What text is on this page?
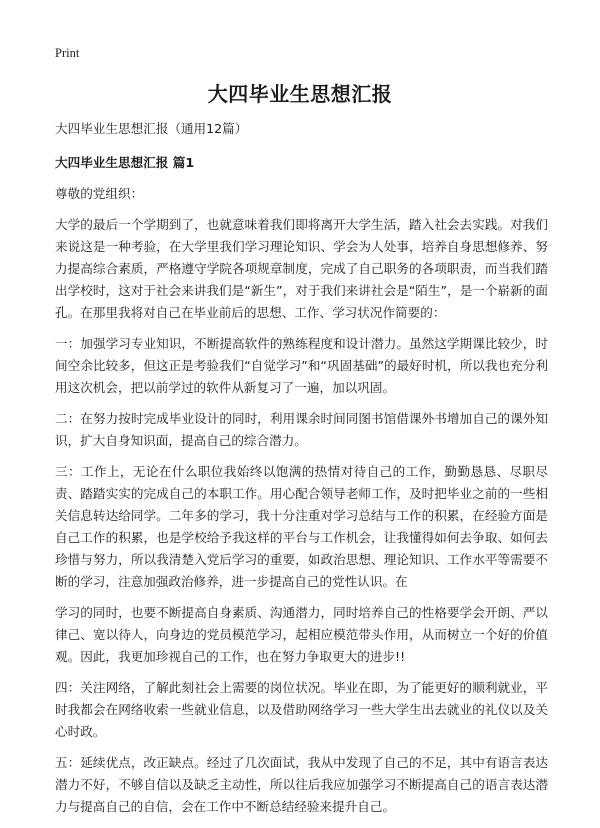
Print
大四毕业生思想汇报

大四毕业生思想汇报（通用12篇）

大四毕业生思想汇报 篇1

尊敬的党组织：

大学的最后一个学期到了，也就意味着我们即将离开大学生活，踏入社会去实践。对我们来说这是一种考验，在大学里我们学习理论知识、学会为人处事，培养自身思想修养、努力提高综合素质，严格遵守学院各项规章制度，完成了自己职务的各项职责，而当我们踏出学校时，这对于社会来讲我们是“新生”，对于我们来讲社会是“陌生”，是一个崭新的面孔。在那里我将对自己在毕业前后的思想、工作、学习状况作简要的：

一：加强学习专业知识，不断提高软件的熟练程度和设计潜力。虽然这学期课比较少，时间空余比较多，但这正是考验我们“自觉学习”和“巩固基础”的最好时机，所以我也充分利用这次机会，把以前学过的软件从新复习了一遍，加以巩固。

二：在努力按时完成毕业设计的同时，利用课余时间同图书馆借课外书增加自己的课外知识，扩大自身知识面，提高自己的综合潜力。

三：工作上，无论在什么职位我始终以饱满的热情对待自己的工作，勤勤恳恳、尽职尽责、踏踏实实的完成自己的本职工作。用心配合领导老师工作，及时把毕业之前的一些相关信息转达给同学。二年多的学习，我十分注重对学习总结与工作的积累，在经验方面是自己工作的积累，也是学校给予我这样的平台与工作机会，让我懂得如何去争取、如何去珍惜与努力，所以我清楚入党后学习的重要，如政治思想、理论知识、工作水平等需要不断的学习，注意加强政治修养，进一步提高自己的党性认识。在

学习的同时，也要不断提高自身素质、沟通潜力，同时培养自己的性格要学会开朗、严以律己、宽以待人，向身边的党员模范学习，起相应模范带头作用，从而树立一个好的价值观。因此，我更加珍视自己的工作，也在努力争取更大的进步!!

四：关注网络，了解此刻社会上需要的岗位状况。毕业在即，为了能更好的顺利就业，平时我都会在网络收索一些就业信息，以及借助网络学习一些大学生出去就业的礼仪以及关心时政。

五：延续优点，改正缺点。经过了几次面试，我从中发现了自己的不足，其中有语言表达潜力不好，不够自信以及缺乏主动性，所以往后我应加强学习不断提高自己的语言表达潜力与提高自己的自信，会在工作中不断总结经验来提升自己。
